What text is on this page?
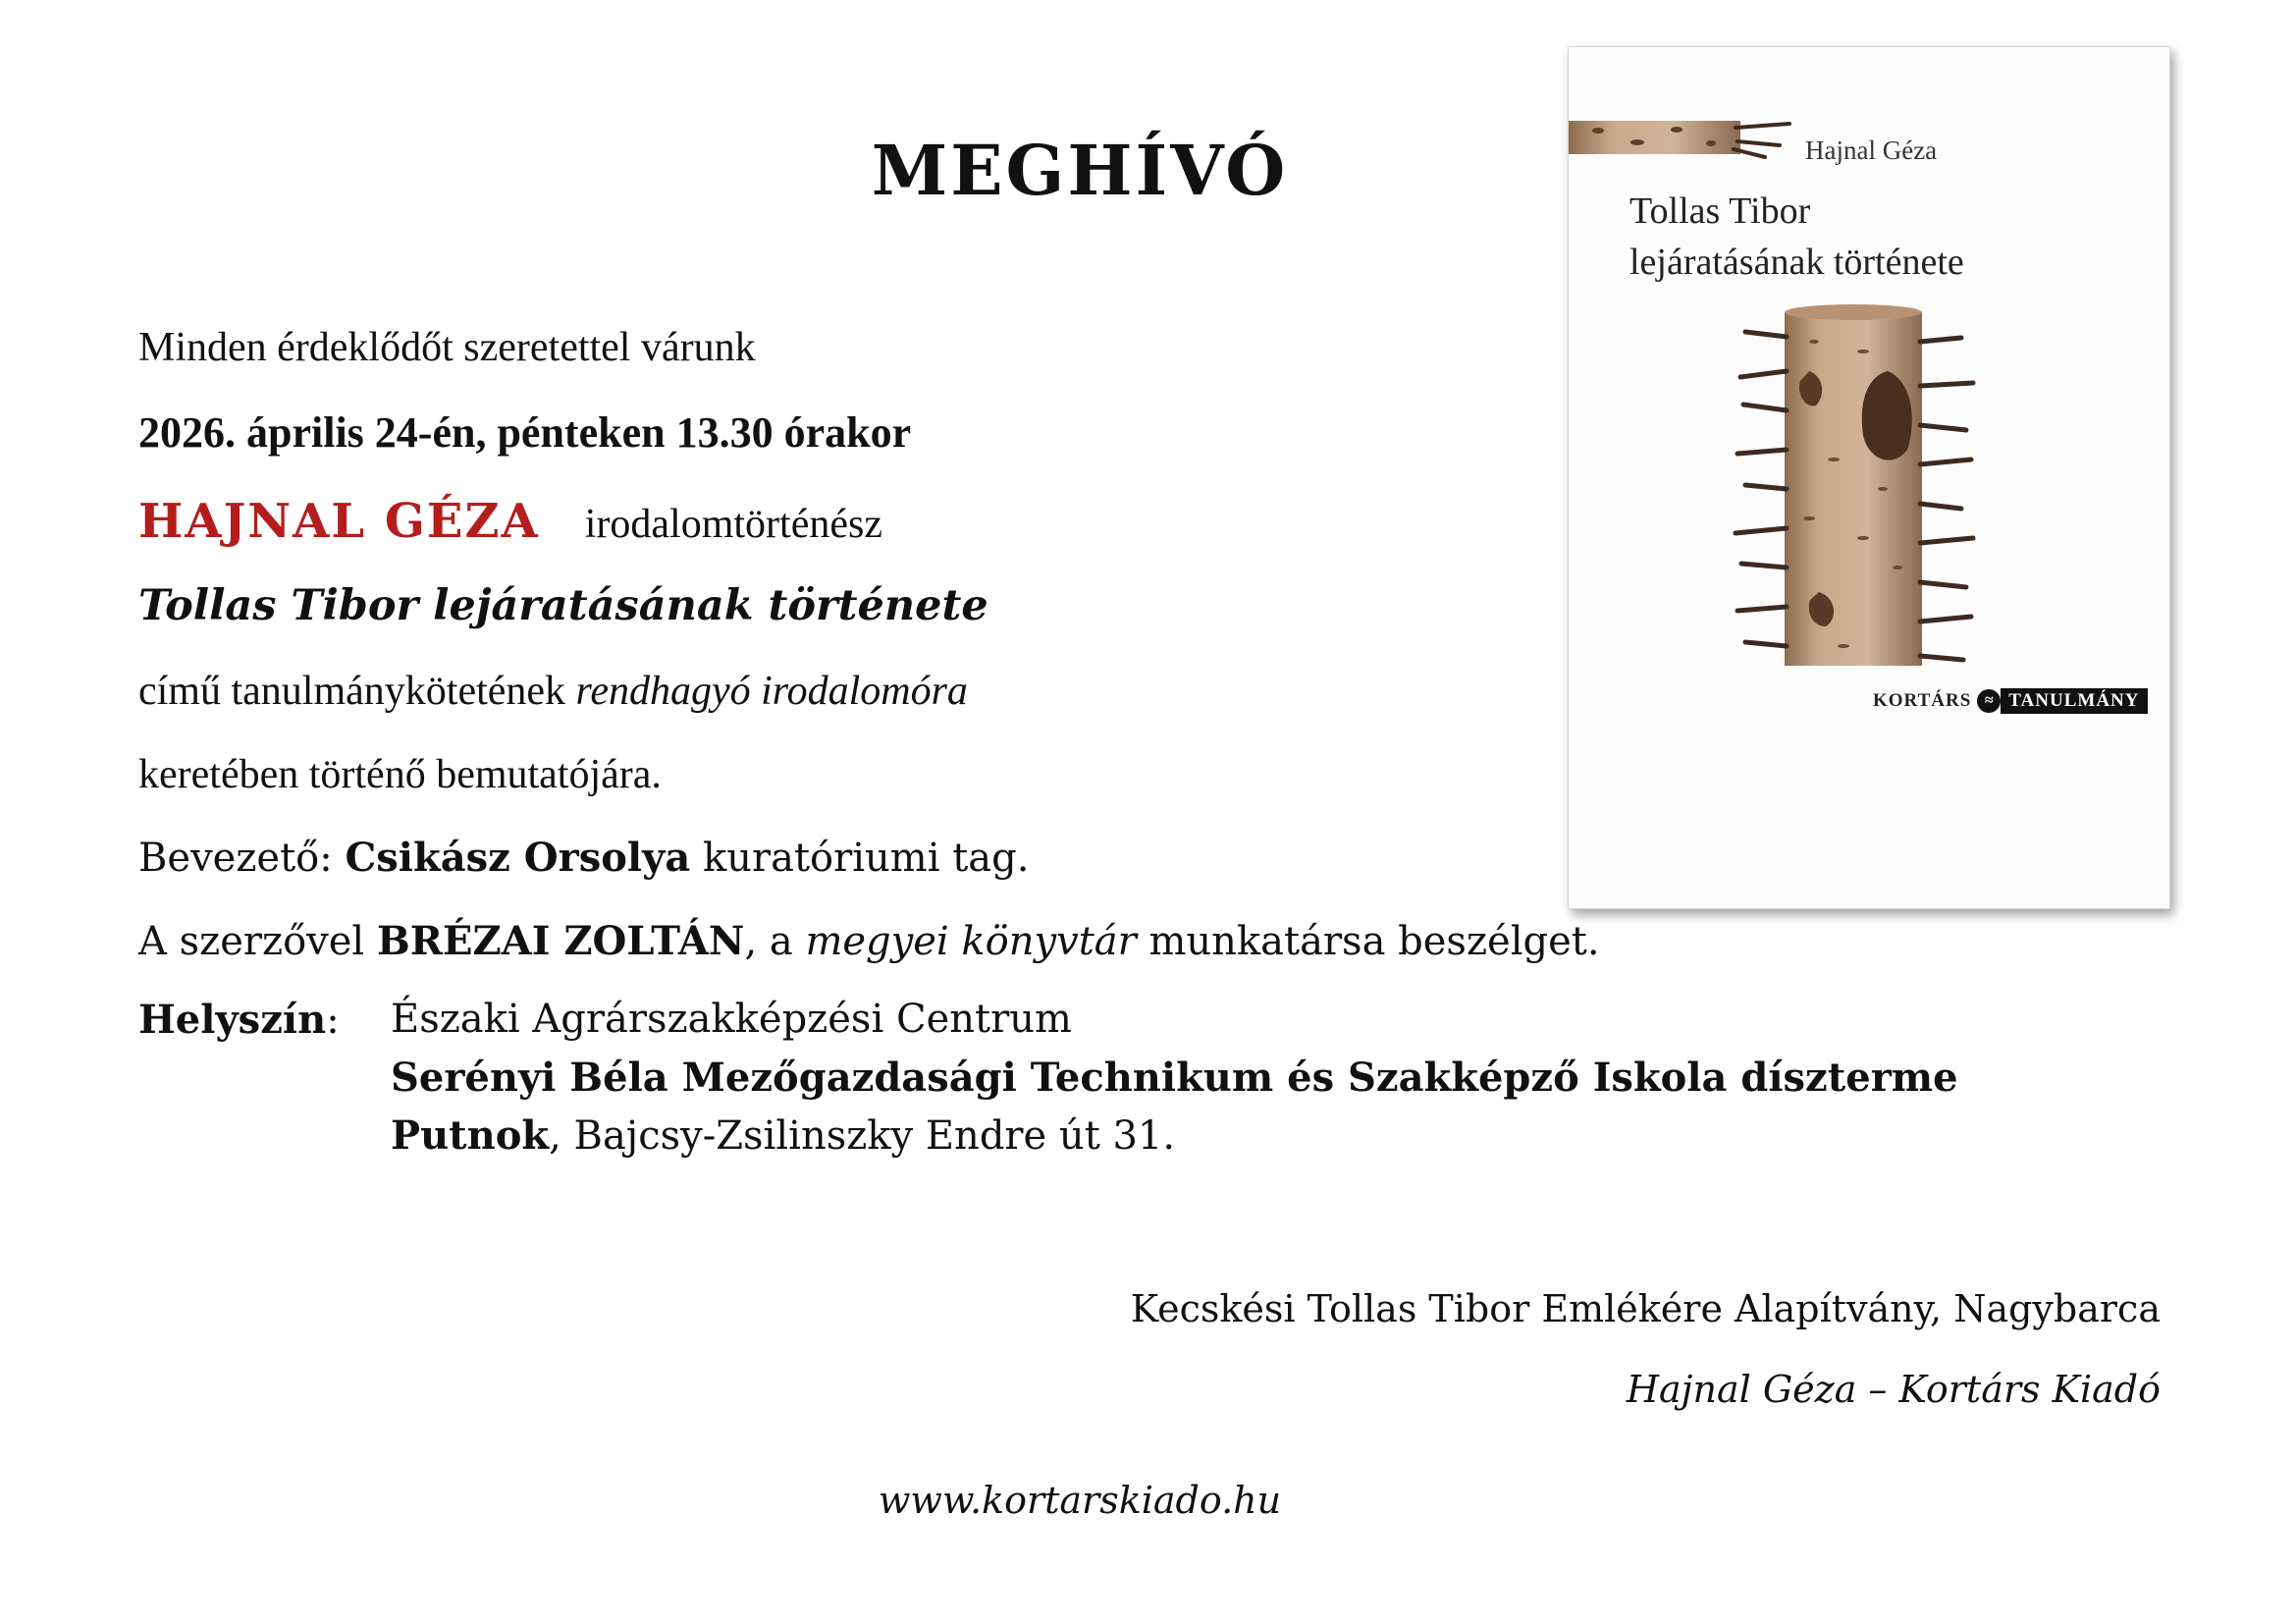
MEGHÍVÓ
Minden érdeklődőt szeretettel várunk
2026. április 24-én, pénteken 13.30 órakor
HAJNAL GÉZA irodalomtörténész
Tollas Tibor lejáratásának története
című tanulmánykötetének rendhagyó irodalomóra
keretében történő bemutatójára.
Bevezető: Csikász Orsolya kuratóriumi tag.
A szerzővel BRÉZAI ZOLTÁN, a megyei könyvtár munkatársa beszélget.
Helyszín: Északi Agrárszakképzési Centrum
Serényi Béla Mezőgazdasági Technikum és Szakképző Iskola díszterme
Putnok, Bajcsy-Zsilinszky Endre út 31.
Kecskési Tollas Tibor Emlékére Alapítvány, Nagybarca
Hajnal Géza – Kortárs Kiadó
www.kortarskiado.hu
Hajnal Géza
Tollas Tibor
lejáratásának története
KORTÁRS ≈ TANULMÁNY
